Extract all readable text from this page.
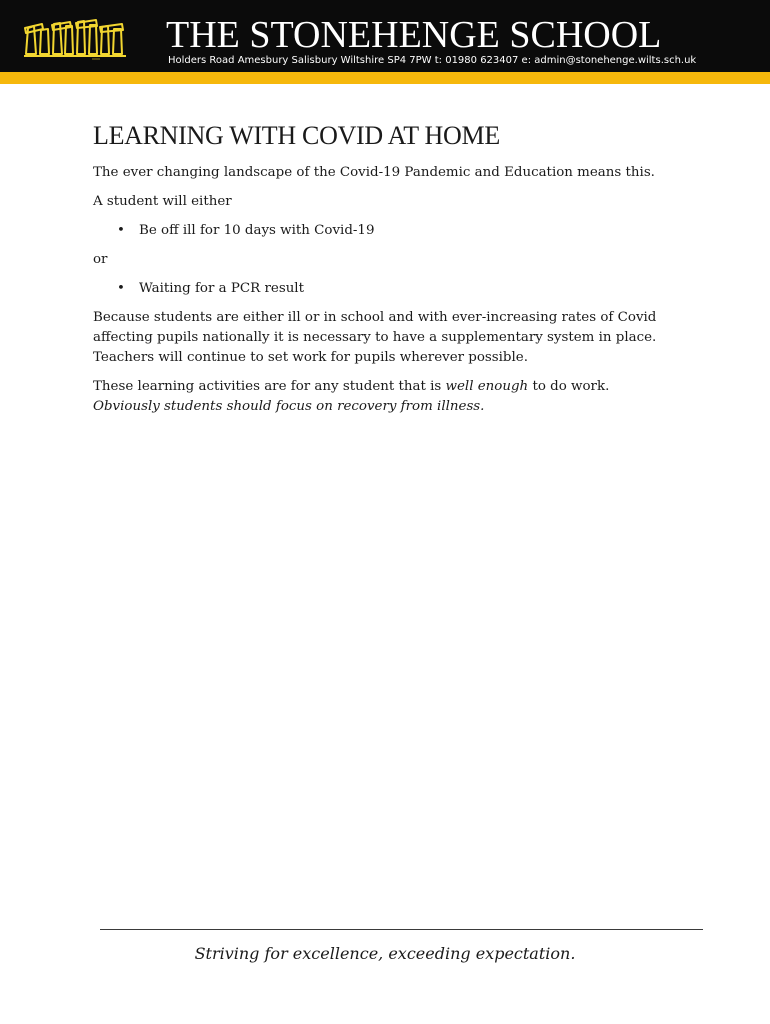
THE STONEHENGE SCHOOL
Holders Road Amesbury Salisbury Wiltshire SP4 7PW t: 01980 623407 e: admin@stonehenge.wilts.sch.uk
LEARNING WITH COVID AT HOME

The ever changing landscape of the Covid-19 Pandemic and Education means this.

A student will either

• Be off ill for 10 days with Covid-19

or

• Waiting for a PCR result

Because students are either ill or in school and with ever-increasing rates of Covid affecting pupils nationally it is necessary to have a supplementary system in place. Teachers will continue to set work for pupils wherever possible.

These learning activities are for any student that is well enough to do work.
Obviously students should focus on recovery from illness.

Striving for excellence, exceeding expectation.
